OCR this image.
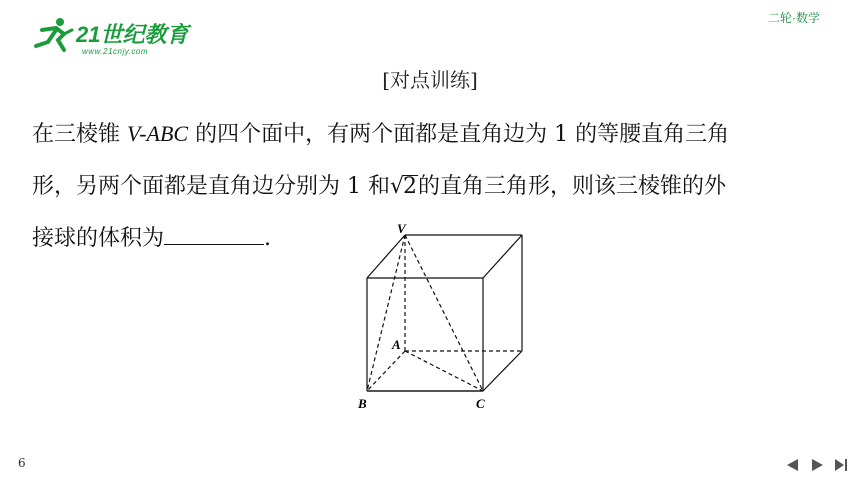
21世纪教育
www.21cnjy.com
二轮·数学
[对点训练]
在三棱锥 V-ABC 的四个面中，有两个面都是直角边为 1 的等腰直角三角
形，另两个面都是直角边分别为 1 和 √
2的直角三角形，则该三棱锥的外
接球的体积为	.	V
A
B	C
6
